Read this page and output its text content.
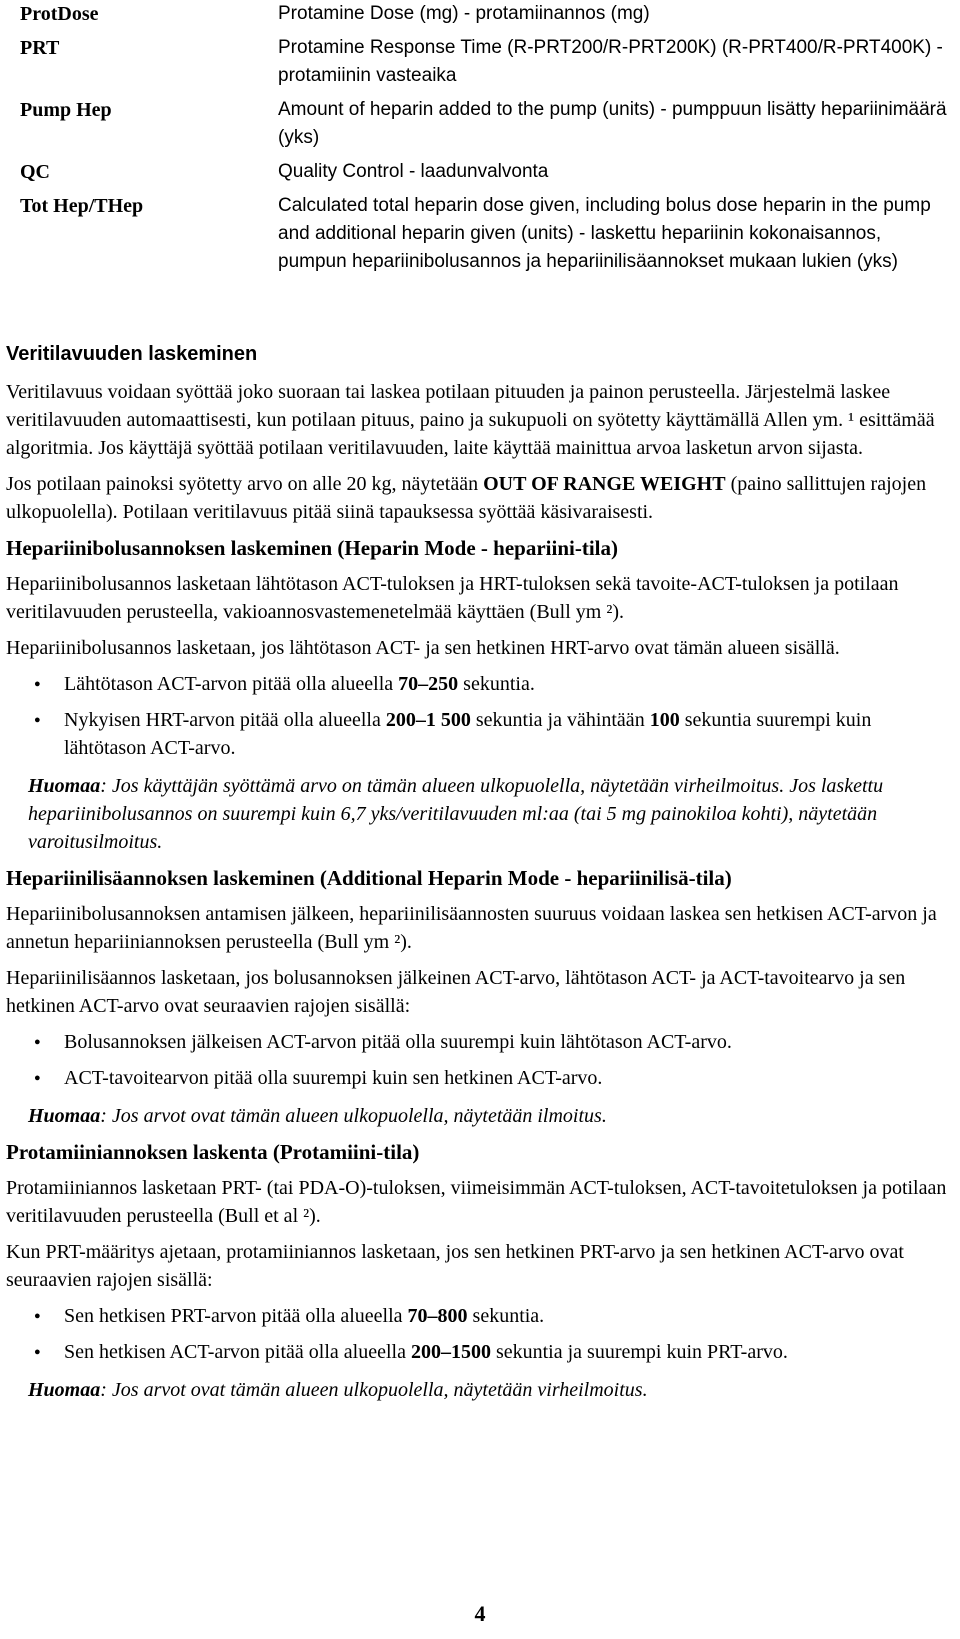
ProtDose	Protamine Dose (mg) - protamiinannos (mg)
PRT	Protamine Response Time (R-PRT200/R-PRT200K) (R-PRT400/R-PRT400K) - protamiinin vasteaika
Pump Hep	Amount of heparin added to the pump (units) - pumppuun lisätty hepariinimäärä (yks)
QC	Quality Control - laadunvalvonta
Tot Hep/THep	Calculated total heparin dose given, including bolus dose heparin in the pump and additional heparin given (units) - laskettu hepariinin kokonaisannos, pumpun hepariinibolusannos ja hepariinilisäannokset mukaan lukien (yks)
Veritilavuuden laskeminen

Veritilavuus voidaan syöttää joko suoraan tai laskea potilaan pituuden ja painon perusteella. Järjestelmä laskee veritilavuuden automaattisesti, kun potilaan pituus, paino ja sukupuoli on syötetty käyttämällä Allen ym. ¹ esittämää algoritmia. Jos käyttäjä syöttää potilaan veritilavuuden, laite käyttää mainittua arvoa lasketun arvon sijasta.

Jos potilaan painoksi syötetty arvo on alle 20 kg, näytetään OUT OF RANGE WEIGHT (paino sallittujen rajojen ulkopuolella). Potilaan veritilavuus pitää siinä tapauksessa syöttää käsivaraisesti.

Hepariinibolusannoksen laskeminen (Heparin Mode - hepariini-tila)

Hepariinibolusannos lasketaan lähtötason ACT-tuloksen ja HRT-tuloksen sekä tavoite-ACT-tuloksen ja potilaan veritilavuuden perusteella, vakioannosvastemenetelmää käyttäen (Bull ym ²).

Hepariinibolusannos lasketaan, jos lähtötason ACT- ja sen hetkinen HRT-arvo ovat tämän alueen sisällä.

● Lähtötason ACT-arvon pitää olla alueella 70–250 sekuntia.
● Nykyisen HRT-arvon pitää olla alueella 200–1 500 sekuntia ja vähintään 100 sekuntia suurempi kuin lähtötason ACT-arvo.

Huomaa: Jos käyttäjän syöttämä arvo on tämän alueen ulkopuolella, näytetään virheilmoitus. Jos laskettu hepariinibolusannos on suurempi kuin 6,7 yks/veritilavuuden ml:aa (tai 5 mg painokiloa kohti), näytetään varoitusilmoitus.

Hepariinilisäannoksen laskeminen (Additional Heparin Mode - hepariinilisä-tila)

Hepariinibolusannoksen antamisen jälkeen, hepariinilisäannosten suuruus voidaan laskea sen hetkisen ACT-arvon ja annetun hepariiniannoksen perusteella (Bull ym ²).

Hepariinilisäannos lasketaan, jos bolusannoksen jälkeinen ACT-arvo, lähtötason ACT- ja ACT-tavoitearvo ja sen hetkinen ACT-arvo ovat seuraavien rajojen sisällä:

● Bolusannoksen jälkeisen ACT-arvon pitää olla suurempi kuin lähtötason ACT-arvo.
● ACT-tavoitearvon pitää olla suurempi kuin sen hetkinen ACT-arvo.

Huomaa: Jos arvot ovat tämän alueen ulkopuolella, näytetään ilmoitus.

Protamiiniannoksen laskenta (Protamiini-tila)

Protamiiniannos lasketaan PRT- (tai PDA-O)-tuloksen, viimeisimmän ACT-tuloksen, ACT-tavoitetuloksen ja potilaan veritilavuuden perusteella (Bull et al ²).

Kun PRT-määritys ajetaan, protamiiniannos lasketaan, jos sen hetkinen PRT-arvo ja sen hetkinen ACT-arvo ovat seuraavien rajojen sisällä:

● Sen hetkisen PRT-arvon pitää olla alueella 70–800 sekuntia.
● Sen hetkisen ACT-arvon pitää olla alueella 200–1500 sekuntia ja suurempi kuin PRT-arvo.

Huomaa: Jos arvot ovat tämän alueen ulkopuolella, näytetään virheilmoitus.

4
